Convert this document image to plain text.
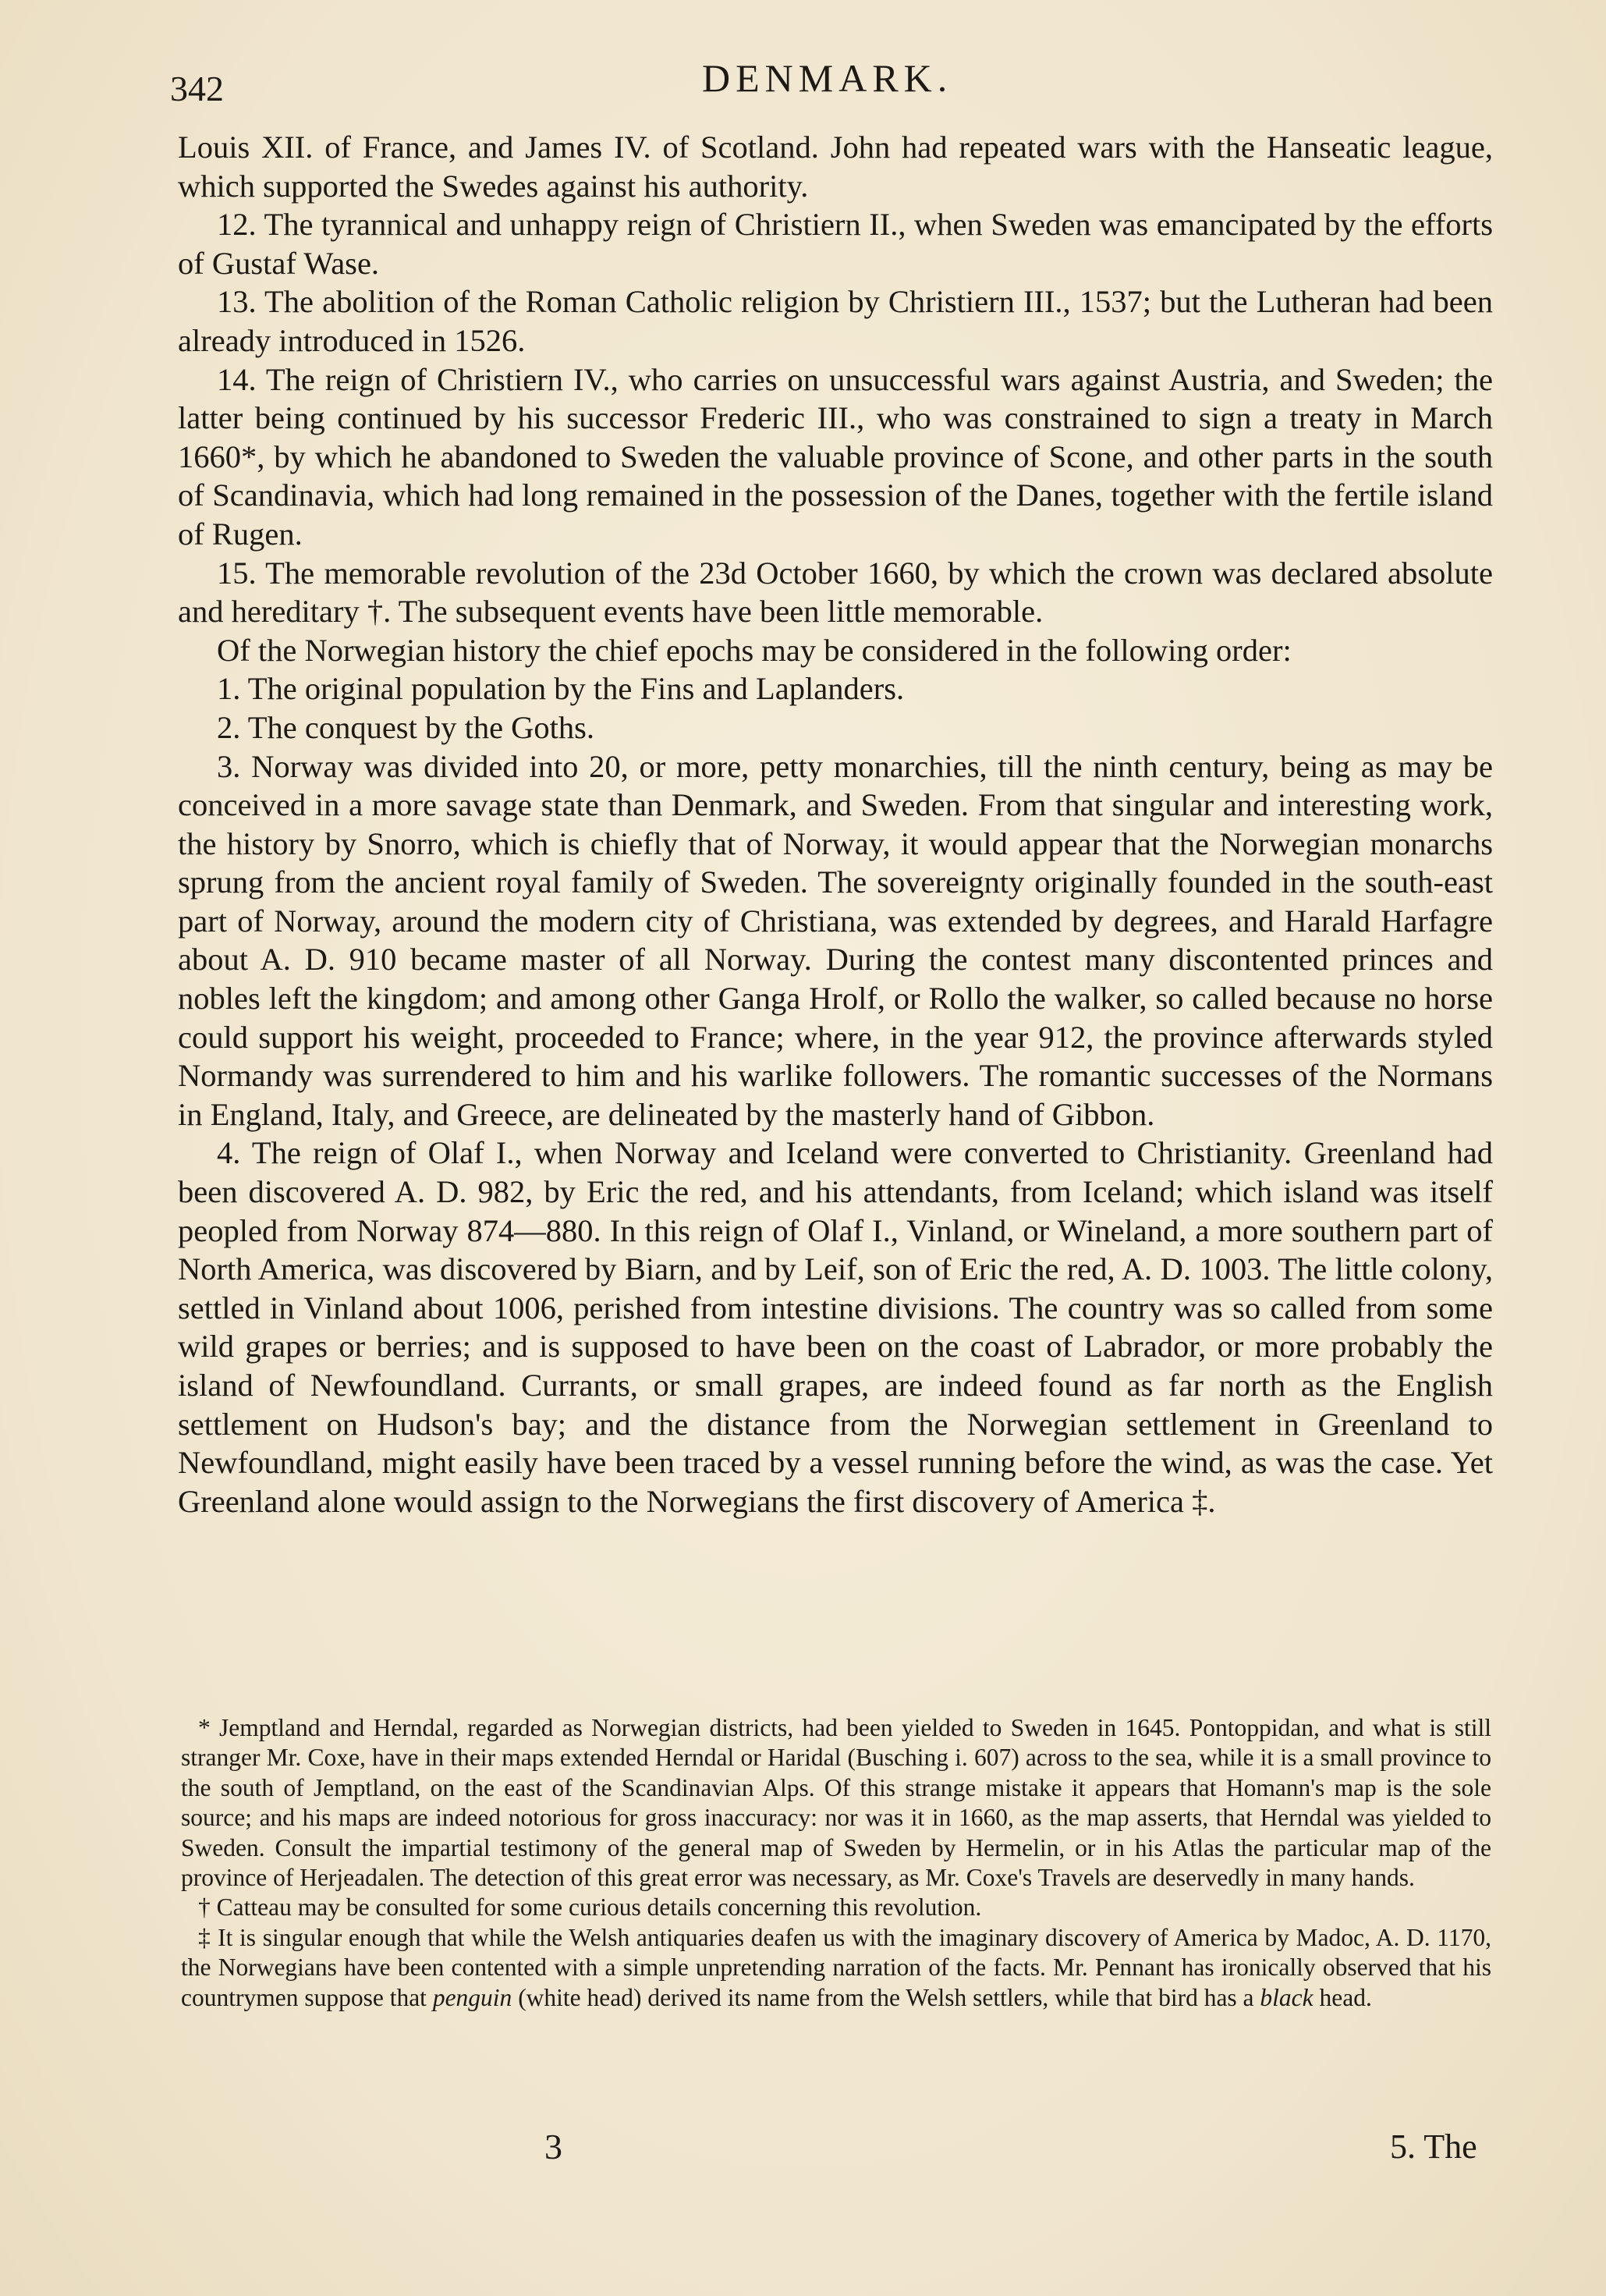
342	DENMARK.

Louis XII. of France, and James IV. of Scotland. John had repeated wars with the Hanseatic league, which supported the Swedes against his authority.

12. The tyrannical and unhappy reign of Christiern II., when Sweden was emancipated by the efforts of Gustaf Wase.

13. The abolition of the Roman Catholic religion by Christiern III., 1537; but the Lutheran had been already introduced in 1526.

14. The reign of Christiern IV., who carries on unsuccessful wars against Austria, and Sweden; the latter being continued by his successor Frederic III., who was constrained to sign a treaty in March 1660*, by which he abandoned to Sweden the valuable province of Scone, and other parts in the south of Scandinavia, which had long remained in the possession of the Danes, together with the fertile island of Rugen.

15. The memorable revolution of the 23d October 1660, by which the crown was declared absolute and hereditary †. The subsequent events have been little memorable.

Of the Norwegian history the chief epochs may be considered in the following order:

1. The original population by the Fins and Laplanders.

2. The conquest by the Goths.

3. Norway was divided into 20, or more, petty monarchies, till the ninth century, being as may be conceived in a more savage state than Denmark, and Sweden. From that singular and interesting work, the history by Snorro, which is chiefly that of Norway, it would appear that the Norwegian monarchs sprung from the ancient royal family of Sweden. The sovereignty originally founded in the south-east part of Norway, around the modern city of Christiana, was extended by degrees, and Harald Harfagre about A. D. 910 became master of all Norway. During the contest many discontented princes and nobles left the kingdom; and among other Ganga Hrolf, or Rollo the walker, so called because no horse could support his weight, proceeded to France; where, in the year 912, the province afterwards styled Normandy was surrendered to him and his warlike followers. The romantic successes of the Normans in England, Italy, and Greece, are delineated by the masterly hand of Gibbon.

4. The reign of Olaf I., when Norway and Iceland were converted to Christianity. Greenland had been discovered A. D. 982, by Eric the red, and his attendants, from Iceland; which island was itself peopled from Norway 874—880. In this reign of Olaf I., Vinland, or Wineland, a more southern part of North America, was discovered by Biarn, and by Leif, son of Eric the red, A. D. 1003. The little colony, settled in Vinland about 1006, perished from intestine divisions. The country was so called from some wild grapes or berries; and is supposed to have been on the coast of Labrador, or more probably the island of Newfoundland. Currants, or small grapes, are indeed found as far north as the English settlement on Hudson's bay; and the distance from the Norwegian settlement in Greenland to Newfoundland, might easily have been traced by a vessel running before the wind, as was the case. Yet Greenland alone would assign to the Norwegians the first discovery of America ‡.

* Jemptland and Herndal, regarded as Norwegian districts, had been yielded to Sweden in 1645. Pontoppidan, and what is still stranger Mr. Coxe, have in their maps extended Herndal or Haridal (Busching i. 607) across to the sea, while it is a small province to the south of Jemptland, on the east of the Scandinavian Alps. Of this strange mistake it appears that Homann's map is the sole source; and his maps are indeed notorious for gross inaccuracy: nor was it in 1660, as the map asserts, that Herndal was yielded to Sweden. Consult the impartial testimony of the general map of Sweden by Hermelin, or in his Atlas the particular map of the province of Herjeadalen. The detection of this great error was necessary, as Mr. Coxe's Travels are deservedly in many hands.

† Catteau may be consulted for some curious details concerning this revolution.

‡ It is singular enough that while the Welsh antiquaries deafen us with the imaginary discovery of America by Madoc, A. D. 1170, the Norwegians have been contented with a simple unpretending narration of the facts. Mr. Pennant has ironically observed that his countrymen suppose that penguin (white head) derived its name from the Welsh settlers, while that bird has a black head.

3	5. The
